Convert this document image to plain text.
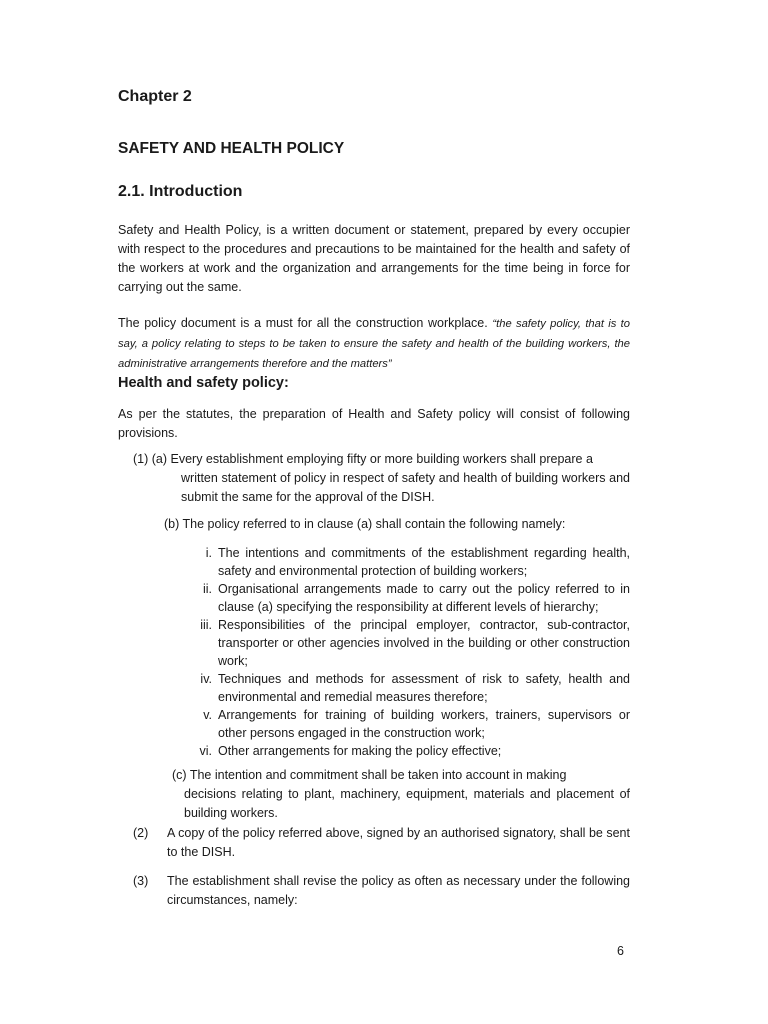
Chapter 2
SAFETY AND HEALTH POLICY
2.1. Introduction
Safety and Health Policy, is a written document or statement, prepared by every occupier with respect to the procedures and precautions to be maintained for the health and safety of the workers at work and the organization and arrangements for the time being in force for carrying out the same.
The policy document is a must for all the construction workplace. “the safety policy, that is to say, a policy relating to steps to be taken to ensure the safety and health of the building workers, the administrative arrangements therefore and the matters”
Health and safety policy:
As per the statutes, the preparation of Health and Safety policy will consist of following provisions.
(1) (a) Every establishment employing fifty or more building workers shall prepare a
written statement of policy in respect of safety and health of building workers and submit the same for the approval of the DISH.
(b) The policy referred to in clause (a) shall contain the following namely:
i. The intentions and commitments of the establishment regarding health, safety and environmental protection of building workers;
ii. Organisational arrangements made to carry out the policy referred to in clause (a) specifying the responsibility at different levels of hierarchy;
iii. Responsibilities of the principal employer, contractor, sub-contractor, transporter or other agencies involved in the building or other construction work;
iv. Techniques and methods for assessment of risk to safety, health and environmental and remedial measures therefore;
v. Arrangements for training of building workers, trainers, supervisors or other persons engaged in the construction work;
vi. Other arrangements for making the policy effective;
(c) The intention and commitment shall be taken into account in making
decisions relating to plant, machinery, equipment, materials and placement of building workers.
(2) A copy of the policy referred above, signed by an authorised signatory, shall be sent to the DISH.
(3) The establishment shall revise the policy as often as necessary under the following circumstances, namely:
6
